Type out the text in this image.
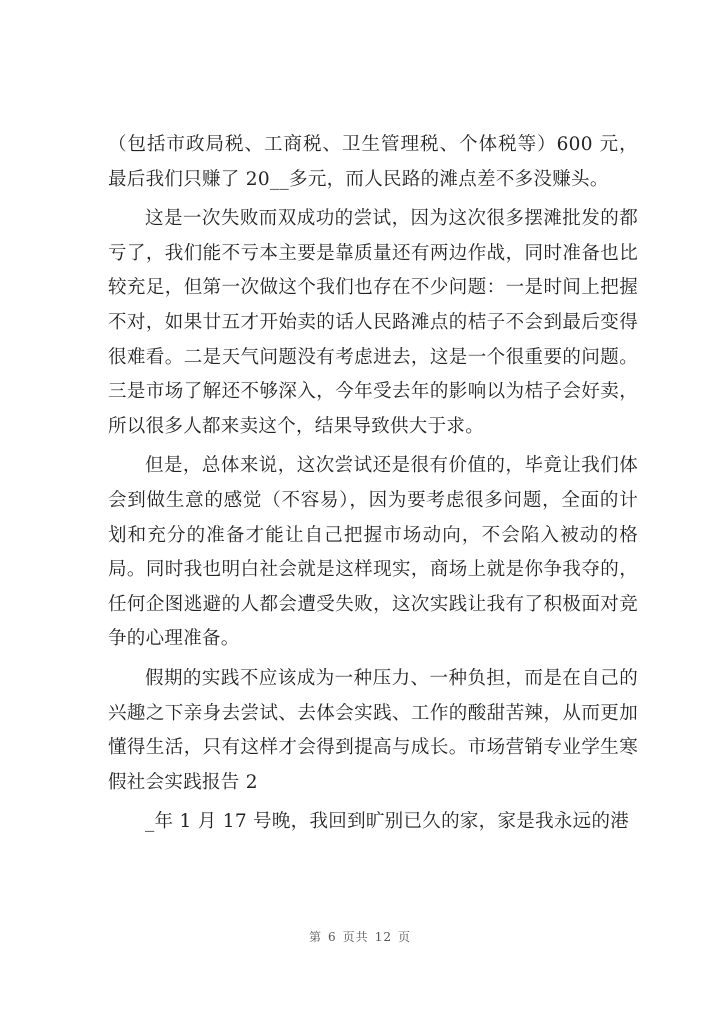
（包括市政局税、工商税、卫生管理税、个体税等）600 元，最后我们只赚了 20__多元，而人民路的滩点差不多没赚头。

这是一次失败而双成功的尝试，因为这次很多摆滩批发的都亏了，我们能不亏本主要是靠质量还有两边作战，同时准备也比较充足，但第一次做这个我们也存在不少问题：一是时间上把握不对，如果廿五才开始卖的话人民路滩点的桔子不会到最后变得很难看。二是天气问题没有考虑进去，这是一个很重要的问题。三是市场了解还不够深入，今年受去年的影响以为桔子会好卖，所以很多人都来卖这个，结果导致供大于求。

但是，总体来说，这次尝试还是很有价值的，毕竟让我们体会到做生意的感觉（不容易），因为要考虑很多问题，全面的计划和充分的准备才能让自己把握市场动向，不会陷入被动的格局。同时我也明白社会就是这样现实，商场上就是你争我夺的，任何企图逃避的人都会遭受失败，这次实践让我有了积极面对竞争的心理准备。

假期的实践不应该成为一种压力、一种负担，而是在自己的兴趣之下亲身去尝试、去体会实践、工作的酸甜苦辣，从而更加懂得生活，只有这样才会得到提高与成长。市场营销专业学生寒假社会实践报告 2

_年 1 月 17 号晚，我回到旷别已久的家，家是我永远的港

第 6 页共 12 页
